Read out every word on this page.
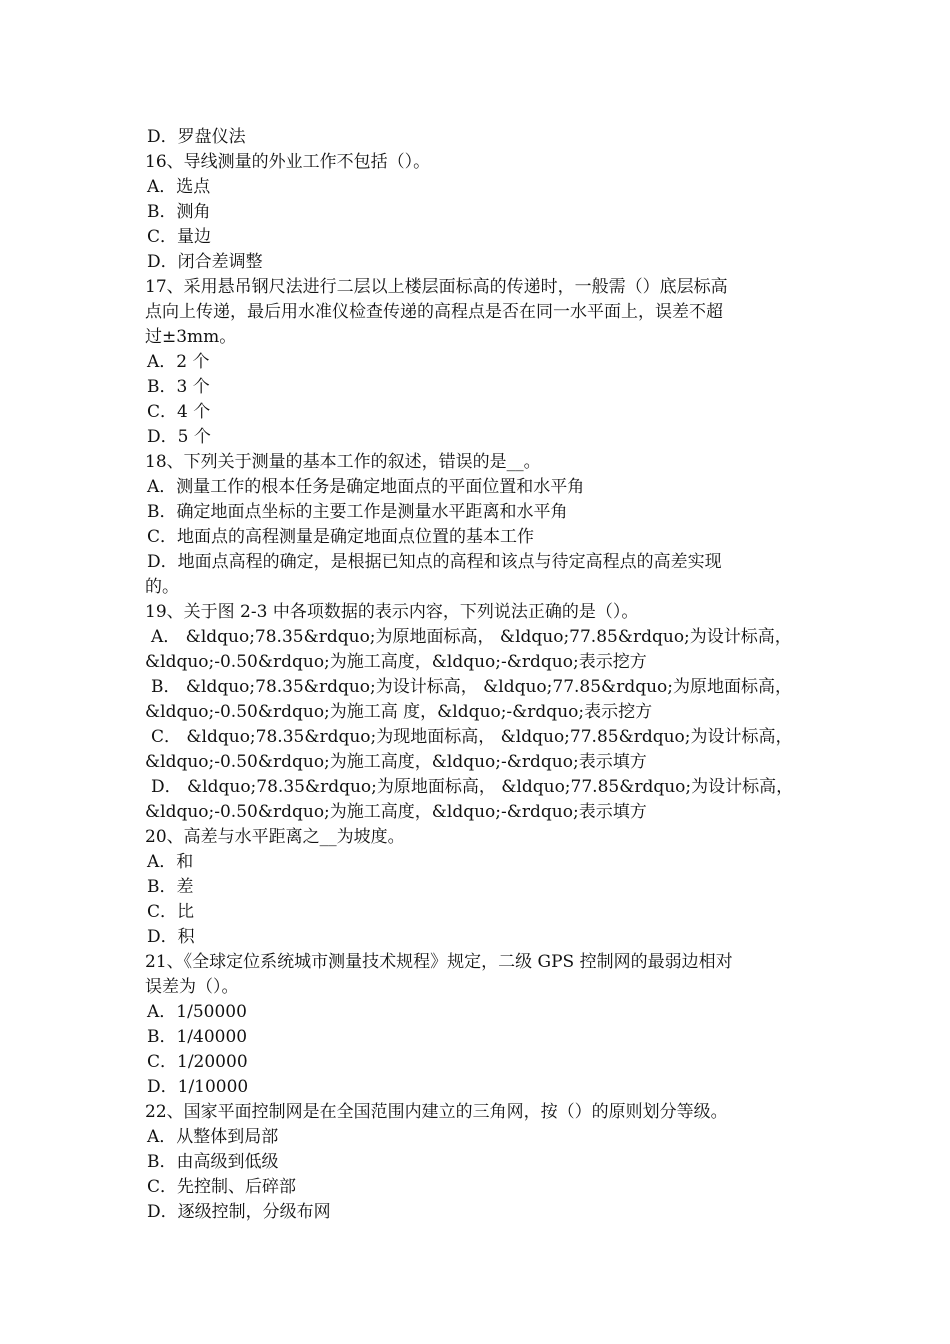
D．罗盘仪法
16、导线测量的外业工作不包括（）。
A．选点
B．测角
C．量边
D．闭合差调整
17、采用悬吊钢尺法进行二层以上楼层面标高的传递时，一般需（）底层标高
点向上传递，最后用水准仪检查传递的高程点是否在同一水平面上，误差不超
过±3mm。
A．2 个
B．3 个
C．4 个
D．5 个
18、下列关于测量的基本工作的叙述，错误的是__。
A．测量工作的根本任务是确定地面点的平面位置和水平角
B．确定地面点坐标的主要工作是测量水平距离和水平角
C．地面点的高程测量是确定地面点位置的基本工作
D．地面点高程的确定，是根据已知点的高程和该点与待定高程点的高差实现
的。
19、关于图 2-3 中各项数据的表示内容，下列说法正确的是（）。
A． &ldquo;78.35&rdquo;为原地面标高， &ldquo;77.85&rdquo;为设计标高，
&ldquo;-0.50&rdquo;为施工高度，&ldquo;-&rdquo;表示挖方
B． &ldquo;78.35&rdquo;为设计标高， &ldquo;77.85&rdquo;为原地面标高，
&ldquo;-0.50&rdquo;为施工高 度，&ldquo;-&rdquo;表示挖方
C． &ldquo;78.35&rdquo;为现地面标高， &ldquo;77.85&rdquo;为设计标高，
&ldquo;-0.50&rdquo;为施工高度，&ldquo;-&rdquo;表示填方
D． &ldquo;78.35&rdquo;为原地面标高， &ldquo;77.85&rdquo;为设计标高，
&ldquo;-0.50&rdquo;为施工高度，&ldquo;-&rdquo;表示填方
20、高差与水平距离之__为坡度。
A．和
B．差
C．比
D．积
21、《全球定位系统城市测量技术规程》规定，二级 GPS 控制网的最弱边相对
误差为（）。
A．1/50000
B．1/40000
C．1/20000
D．1/10000
22、国家平面控制网是在全国范围内建立的三角网，按（）的原则划分等级。
A．从整体到局部
B．由高级到低级
C．先控制、后碎部
D．逐级控制，分级布网
